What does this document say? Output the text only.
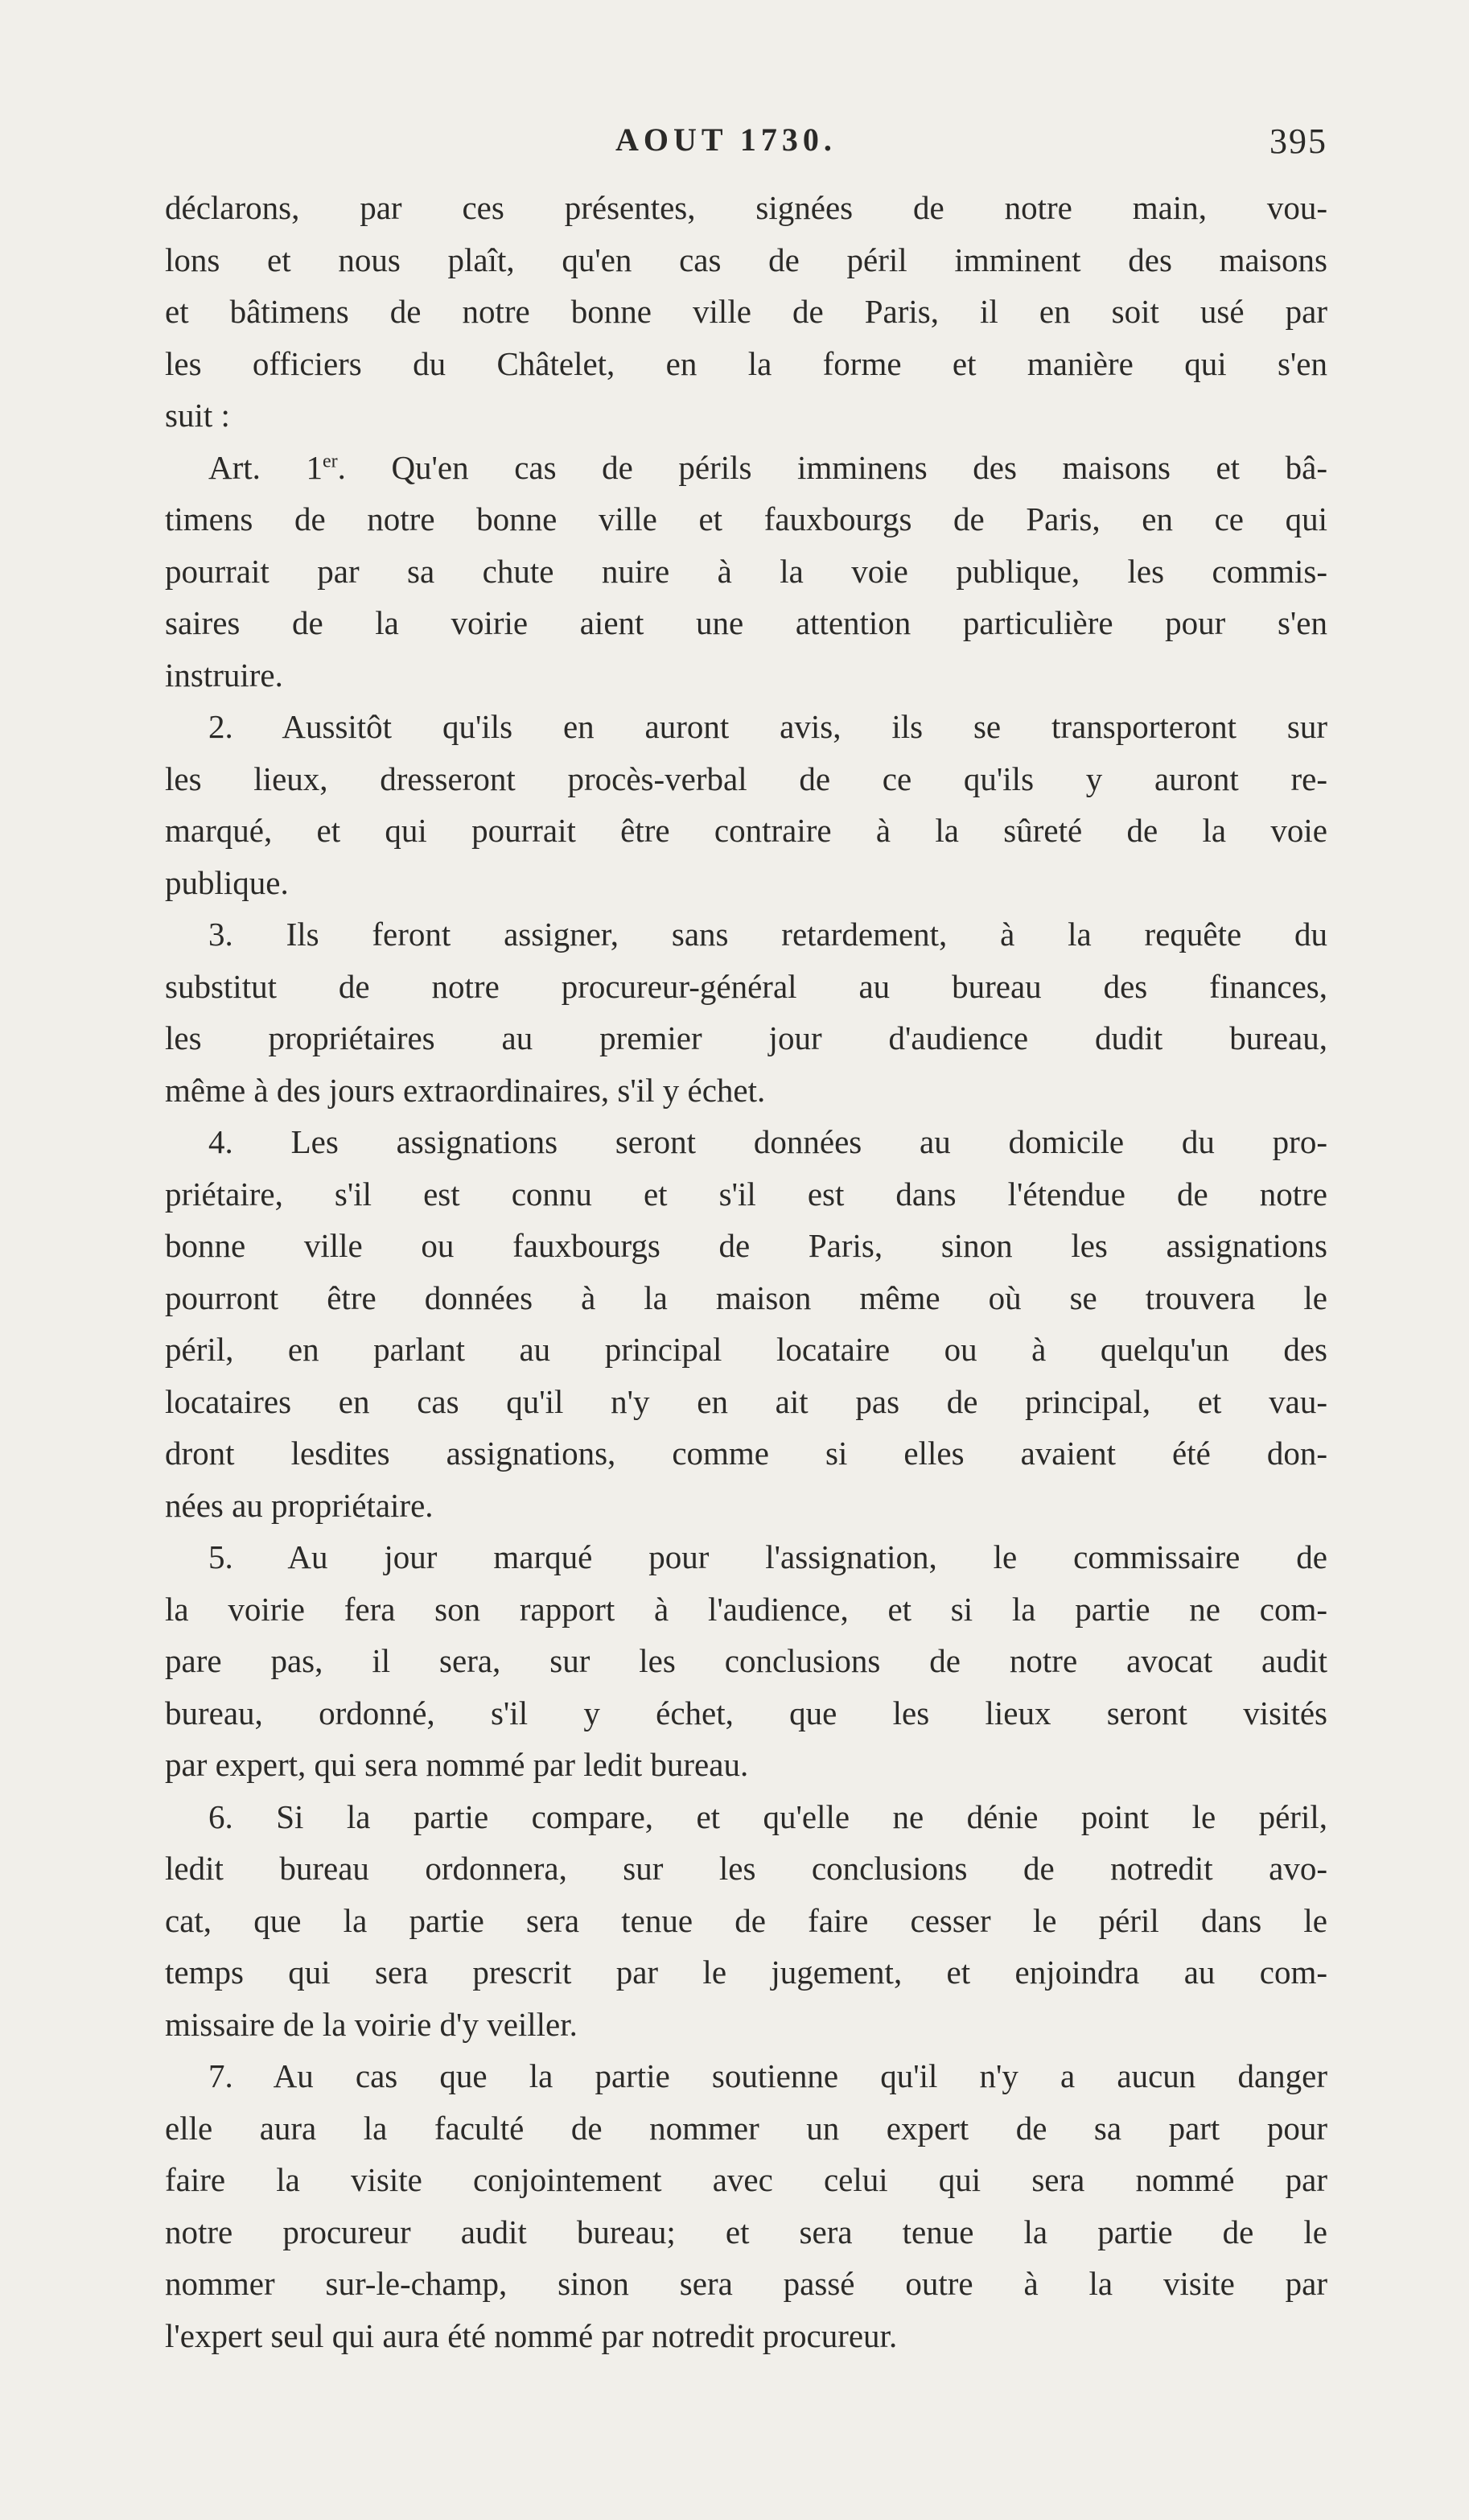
AOUT 1730.	395
déclarons, par ces présentes, signées de notre main, vou-
lons et nous plaît, qu'en cas de péril imminent des maisons
et bâtimens de notre bonne ville de Paris, il en soit usé par
les officiers du Châtelet, en la forme et manière qui s'en
suit :
Art. 1er. Qu'en cas de périls imminens des maisons et bâ-
timens de notre bonne ville et fauxbourgs de Paris, en ce qui
pourrait par sa chute nuire à la voie publique, les commis-
saires de la voirie aient une attention particulière pour s'en
instruire.
2. Aussitôt qu'ils en auront avis, ils se transporteront sur
les lieux, dresseront procès-verbal de ce qu'ils y auront re-
marqué, et qui pourrait être contraire à la sûreté de la voie
publique.
3. Ils feront assigner, sans retardement, à la requête du
substitut de notre procureur-général au bureau des finances,
les propriétaires au premier jour d'audience dudit bureau,
même à des jours extraordinaires, s'il y échet.
4. Les assignations seront données au domicile du pro-
priétaire, s'il est connu et s'il est dans l'étendue de notre
bonne ville ou fauxbourgs de Paris, sinon les assignations
pourront être données à la maison même où se trouvera le
péril, en parlant au principal locataire ou à quelqu'un des
locataires en cas qu'il n'y en ait pas de principal, et vau-
dront lesdites assignations, comme si elles avaient été don-
nées au propriétaire.
5. Au jour marqué pour l'assignation, le commissaire de
la voirie fera son rapport à l'audience, et si la partie ne com-
pare pas, il sera, sur les conclusions de notre avocat audit
bureau, ordonné, s'il y échet, que les lieux seront visités
par expert, qui sera nommé par ledit bureau.
6. Si la partie compare, et qu'elle ne dénie point le péril,
ledit bureau ordonnera, sur les conclusions de notredit avo-
cat, que la partie sera tenue de faire cesser le péril dans le
temps qui sera prescrit par le jugement, et enjoindra au com-
missaire de la voirie d'y veiller.
7. Au cas que la partie soutienne qu'il n'y a aucun danger
elle aura la faculté de nommer un expert de sa part pour
faire la visite conjointement avec celui qui sera nommé par
notre procureur audit bureau; et sera tenue la partie de le
nommer sur-le-champ, sinon sera passé outre à la visite par
l'expert seul qui aura été nommé par notredit procureur.
